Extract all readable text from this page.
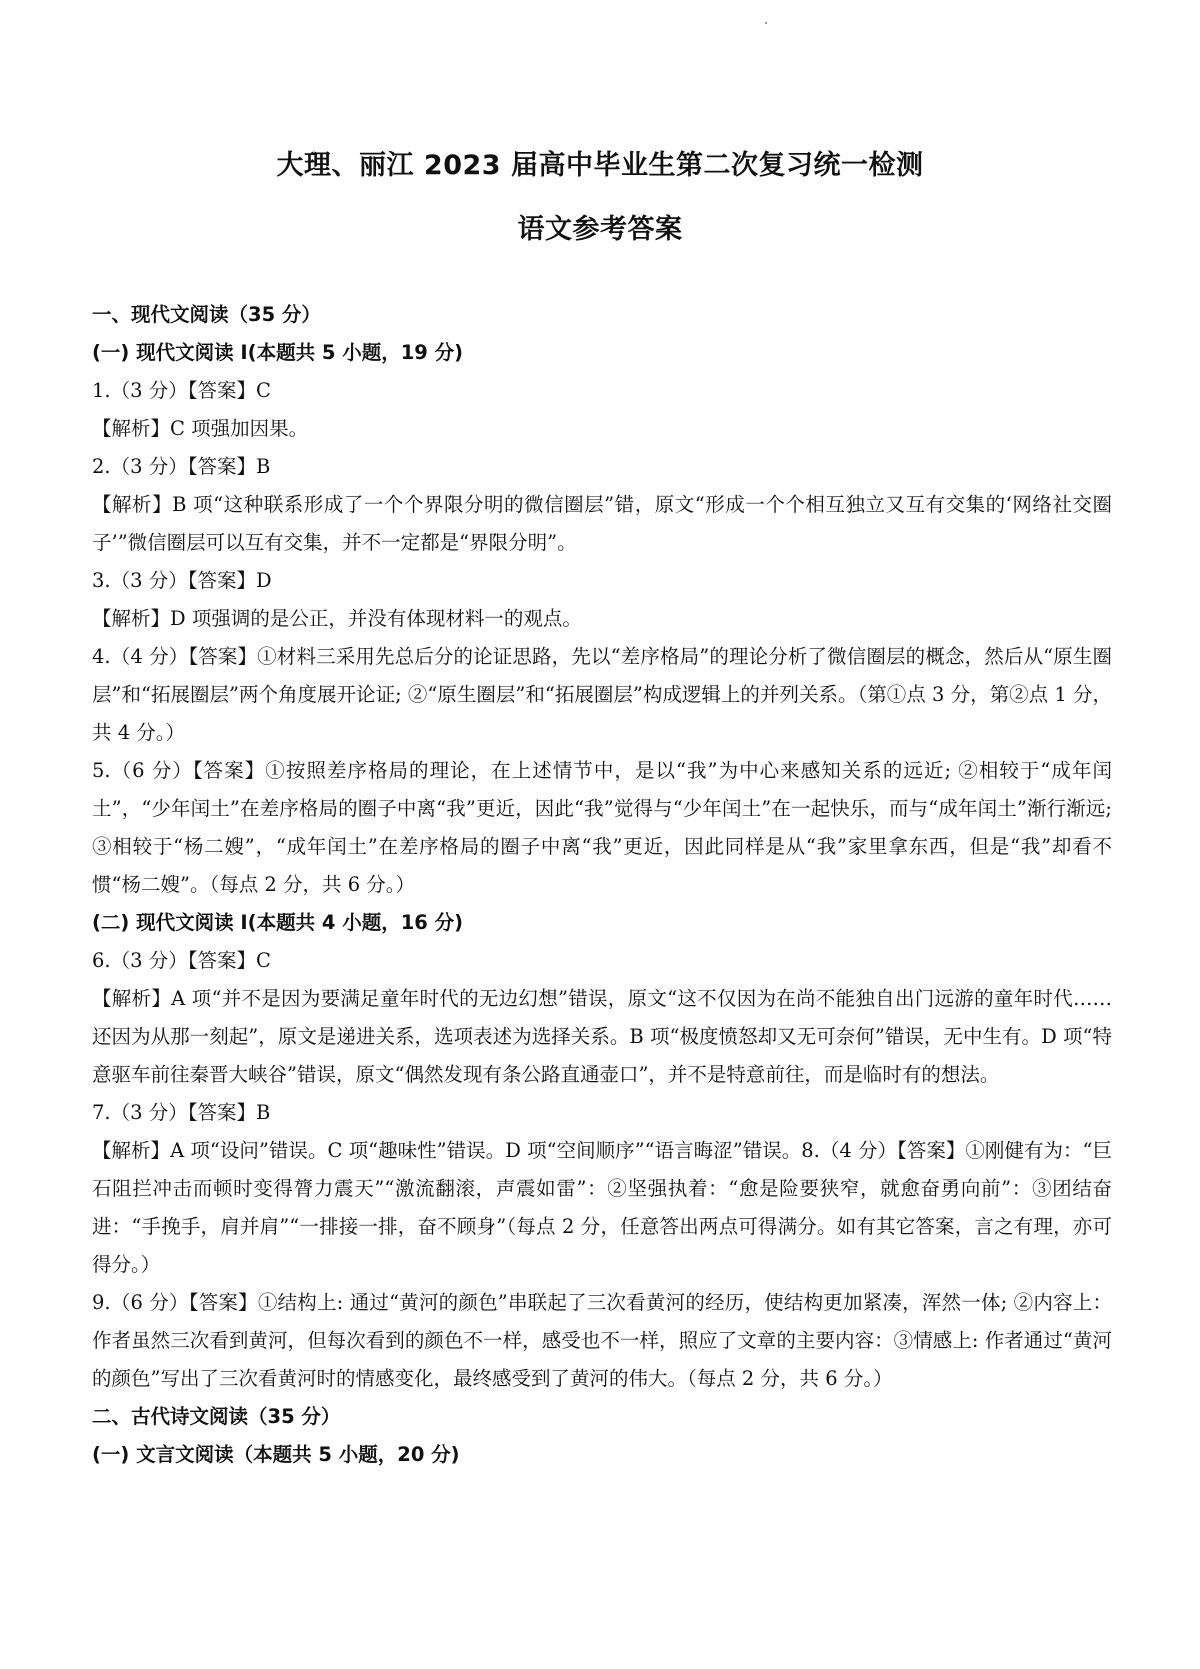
大理、丽江 2023 届高中毕业生第二次复习统一检测
语文参考答案

一、现代文阅读（35 分）

(一) 现代文阅读 I(本题共 5 小题，19 分)

1.（3 分）【答案】C

【解析】C 项强加因果。

2.（3 分）【答案】B

【解析】B 项“这种联系形成了一个个界限分明的微信圈层”错，原文“形成一个个相互独立又互有交集的‘网络社交圈子’”微信圈层可以互有交集，并不一定都是“界限分明”。

3.（3 分）【答案】D

【解析】D 项强调的是公正，并没有体现材料一的观点。

4.（4 分）【答案】①材料三采用先总后分的论证思路，先以“差序格局”的理论分析了微信圈层的概念，然后从“原生圈层”和“拓展圈层”两个角度展开论证; ②“原生圈层”和“拓展圈层”构成逻辑上的并列关系。（第①点 3 分，第②点 1 分，共 4 分。）

5.（6 分）【答案】①按照差序格局的理论，在上述情节中，是以“我”为中心来感知关系的远近; ②相较于“成年闰土”，“少年闰土”在差序格局的圈子中离“我”更近，因此“我”觉得与“少年闰土”在一起快乐，而与“成年闰土”渐行渐远; ③相较于“杨二嫂”，“成年闰土”在差序格局的圈子中离“我”更近，因此同样是从“我”家里拿东西，但是“我”却看不惯“杨二嫂”。（每点 2 分，共 6 分。）

(二) 现代文阅读 I(本题共 4 小题，16 分)

6.（3 分）【答案】C

【解析】A 项“并不是因为要满足童年时代的无边幻想”错误，原文“这不仅因为在尚不能独自出门远游的童年时代……还因为从那一刻起”，原文是递进关系，选项表述为选择关系。B 项“极度愤怒却又无可奈何”错误，无中生有。D 项“特意驱车前往秦晋大峡谷”错误，原文“偶然发现有条公路直通壶口”，并不是特意前往，而是临时有的想法。

7.（3 分）【答案】B

【解析】A 项“设问”错误。C 项“趣味性”错误。D 项“空间顺序”“语言晦涩”错误。8.（4 分）【答案】①刚健有为：“巨石阻拦冲击而顿时变得膂力震天”“激流翻滚，声震如雷”：②坚强执着：“愈是险要狭窄，就愈奋勇向前”：③团结奋进：“手挽手，肩并肩”“一排接一排，奋不顾身”（每点 2 分，任意答出两点可得满分。如有其它答案，言之有理，亦可得分。）

9.（6 分）【答案】①结构上: 通过“黄河的颜色”串联起了三次看黄河的经历，使结构更加紧凑，浑然一体; ②内容上：作者虽然三次看到黄河，但每次看到的颜色不一样，感受也不一样，照应了文章的主要内容：③情感上: 作者通过“黄河的颜色”写出了三次看黄河时的情感变化，最终感受到了黄河的伟大。（每点 2 分，共 6 分。）

二、古代诗文阅读（35 分）

(一) 文言文阅读（本题共 5 小题，20 分)
